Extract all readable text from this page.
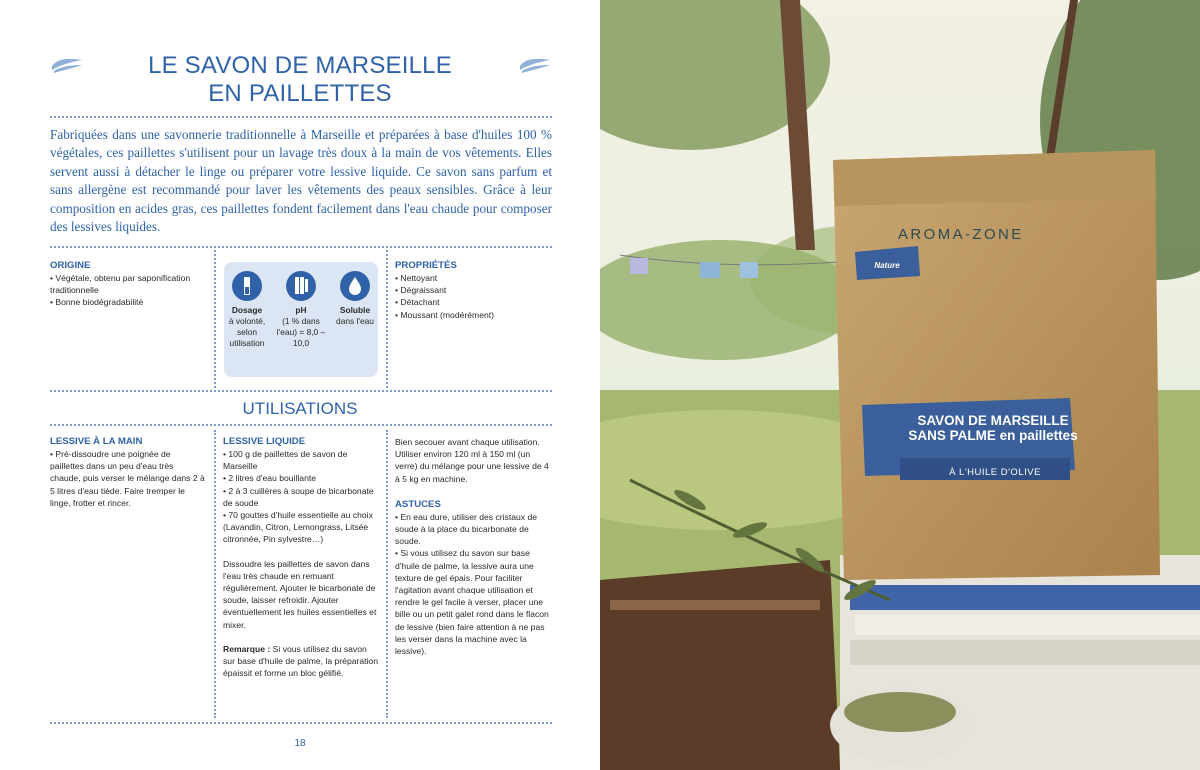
LE SAVON DE MARSEILLE
EN PAILLETTES

Fabriquées dans une savonnerie traditionnelle à Marseille et préparées à base d'huiles 100 % végétales, ces paillettes s'utilisent pour un lavage très doux à la main de vos vêtements. Elles servent aussi à détacher le linge ou préparer votre lessive liquide. Ce savon sans parfum et sans allergène est recommandé pour laver les vêtements des peaux sensibles. Grâce à leur composition en acides gras, ces paillettes fondent facilement dans l'eau chaude pour composer des lessives liquides.

ORIGINE

• Végétale, obtenu par saponification traditionnelle

• Bonne biodégradabilité

Dosage
à volonté, selon utilisation
pH
(1 % dans l'eau) = 8,0 – 10,0
Soluble
dans l'eau

PROPRIÉTÉS

• Nettoyant

• Dégraissant

• Détachant

• Moussant (modérément)

UTILISATIONS

LESSIVE À LA MAIN

• Pré-dissoudre une poignée de paillettes dans un peu d'eau très chaude, puis verser le mélange dans 2 à 5 litres d'eau tiède. Faire tremper le linge, frotter et rincer.

LESSIVE LIQUIDE

• 100 g de paillettes de savon de Marseille

• 2 litres d'eau bouillante

• 2 à 3 cuillères à soupe de bicarbonate de soude

• 70 gouttes d'huile essentielle au choix (Lavandin, Citron, Lemongrass, Litsée citronnée, Pin sylvestre…)

Dissoudre les paillettes de savon dans l'eau très chaude en remuant régulièrement. Ajouter le bicarbonate de soude, laisser refroidir. Ajouter éventuellement les huiles essentielles et mixer.

Remarque : Si vous utilisez du savon sur base d'huile de palme, la préparation épaissit et forme un bloc gélifié.

Bien secouer avant chaque utilisation. Utiliser environ 120 ml à 150 ml (un verre) du mélange pour une lessive de 4 à 5 kg en machine.

ASTUCES

• En eau dure, utiliser des cristaux de soude à la place du bicarbonate de soude.

• Si vous utilisez du savon sur base d'huile de palme, la lessive aura une texture de gel épais. Pour faciliter l'agitation avant chaque utilisation et rendre le gel facile à verser, placer une bille ou un petit galet rond dans le flacon de lessive (bien faire attention à ne pas les verser dans la machine avec la lessive).

18
AROMA-ZONE
Nature
SAVON DE MARSEILLE
SANS PALME en paillettes
À L'HUILE D'OLIVE
